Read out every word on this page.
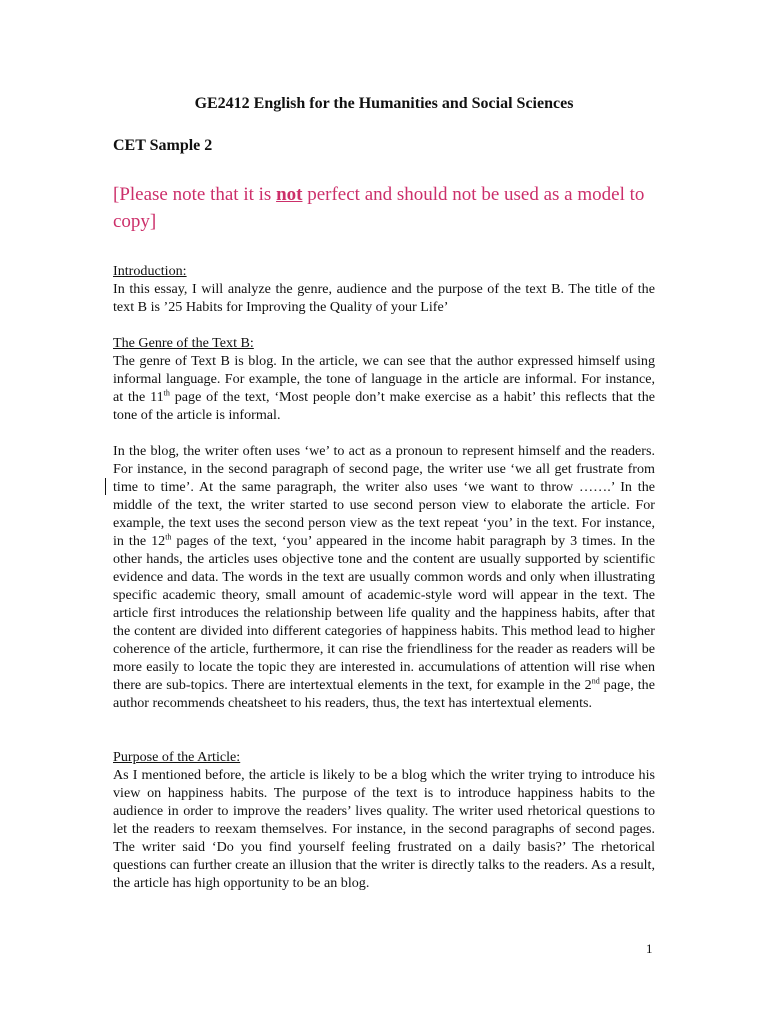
GE2412 English for the Humanities and Social Sciences
CET Sample 2
[Please note that it is not perfect and should not be used as a model to copy]

Introduction:

In this essay, I will analyze the genre, audience and the purpose of the text B. The title of the text B is ’25 Habits for Improving the Quality of your Life’

The Genre of the Text B:

The genre of Text B is blog. In the article, we can see that the author expressed himself using informal language. For example, the tone of language in the article are informal. For instance, at the 11th page of the text, ‘Most people don’t make exercise as a habit’ this reflects that the tone of the article is informal.

In the blog, the writer often uses ‘we’ to act as a pronoun to represent himself and the readers. For instance, in the second paragraph of second page, the writer use ‘we all get frustrate from time to time’. At the same paragraph, the writer also uses ‘we want to throw …….’ In the middle of the text, the writer started to use second person view to elaborate the article. For example, the text uses the second person view as the text repeat ‘you’ in the text. For instance, in the 12th pages of the text, ‘you’ appeared in the income habit paragraph by 3 times. In the other hands, the articles uses objective tone and the content are usually supported by scientific evidence and data. The words in the text are usually common words and only when illustrating specific academic theory, small amount of academic-style word will appear in the text. The article first introduces the relationship between life quality and the happiness habits, after that the content are divided into different categories of happiness habits. This method lead to higher coherence of the article, furthermore, it can rise the friendliness for the reader as readers will be more easily to locate the topic they are interested in. accumulations of attention will rise when there are sub-topics. There are intertextual elements in the text, for example in the 2nd page, the author recommends cheatsheet to his readers, thus, the text has intertextual elements.

Purpose of the Article:

As I mentioned before, the article is likely to be a blog which the writer trying to introduce his view on happiness habits. The purpose of the text is to introduce happiness habits to the audience in order to improve the readers’ lives quality. The writer used rhetorical questions to let the readers to reexam themselves. For instance, in the second paragraphs of second pages. The writer said ‘Do you find yourself feeling frustrated on a daily basis?’ The rhetorical questions can further create an illusion that the writer is directly talks to the readers. As a result, the article has high opportunity to be an blog.

1
